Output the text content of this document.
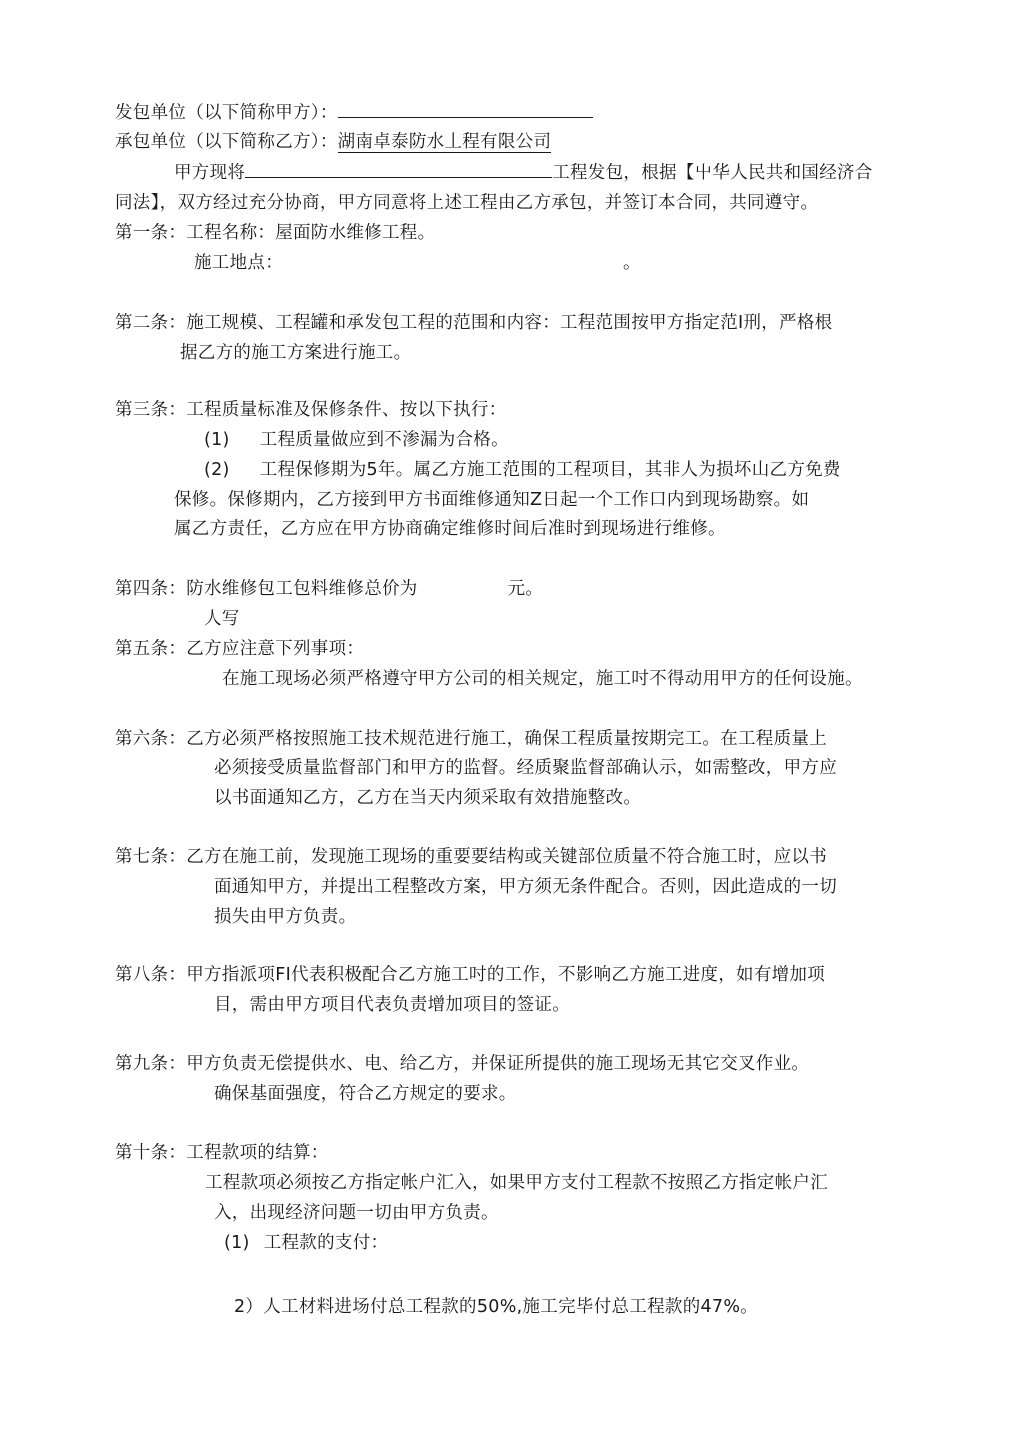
发包单位（以下简称甲方）：
承包单位（以下简称乙方）：湖南卓泰防水丄程有限公司
甲方现将	工程发包，根据【屮华人民共和国经济合
同法】，双方经过充分协商，甲方同意将上述工程由乙方承包，并签订本合同，共同遵守。
第一条：工程名称：屋面防水维修工程。
施工地点：	。
第二条：施工规模、工程罐和承发包工程的范围和内容：工程范围按甲方指定范I刑，严格根
据乙方的施工方案进行施工。
第三条：工程质量标准及保修条件、按以下执行：
(1) 工程质量做应到不渗漏为合格。
(2) 工程保修期为5年。属乙方施工范围的工程项目，其非人为损坏山乙方免费
保修。保修期内，乙方接到甲方书面维修通知Z日起一个工作口内到现场勘察。如
属乙方责任，乙方应在甲方协商确定维修时间后准时到现场进行维修。
第四条：防水维修包工包料维修总价为	元。
人写
第五条：乙方应注意下列事项：
在施工现场必须严格遵守甲方公司的相关规定，施工吋不得动用甲方的任何设施。
第六条：乙方必须严格按照施工技术规范进行施工，确保工程质量按期完工。在工程质量上
必须接受质量监督部门和甲方的监督。经质聚监督部确认示，如需整改，甲方应
以书面通知乙方，乙方在当天内须采取有效措施整改。
第七条：乙方在施工前，发现施工现场的重要要结构或关键部位质量不符合施工时，应以书
面通知甲方，并提出工程整改方案，甲方须无条件配合。否则，因此造成的一切
损失由甲方负责。
第八条：甲方指派项FI代表积极配合乙方施工吋的工作，不影响乙方施工进度，如有增加项
目，需由甲方项目代表负责增加项目的签证。
第九条：甲方负责无偿提供水、电、给乙方，并保证所提供的施工现场无其它交叉作业。
确保基面强度，符合乙方规定的要求。
第十条：工程款项的结算：
工程款项必须按乙方指定帐户汇入，如果甲方支付工程款不按照乙方指定帐户汇
入，出现经济问题一切由甲方负责。
(1) 工程款的支付：
2）人工材料进场付总工程款的50%,施工完毕付总工程款的47%。
